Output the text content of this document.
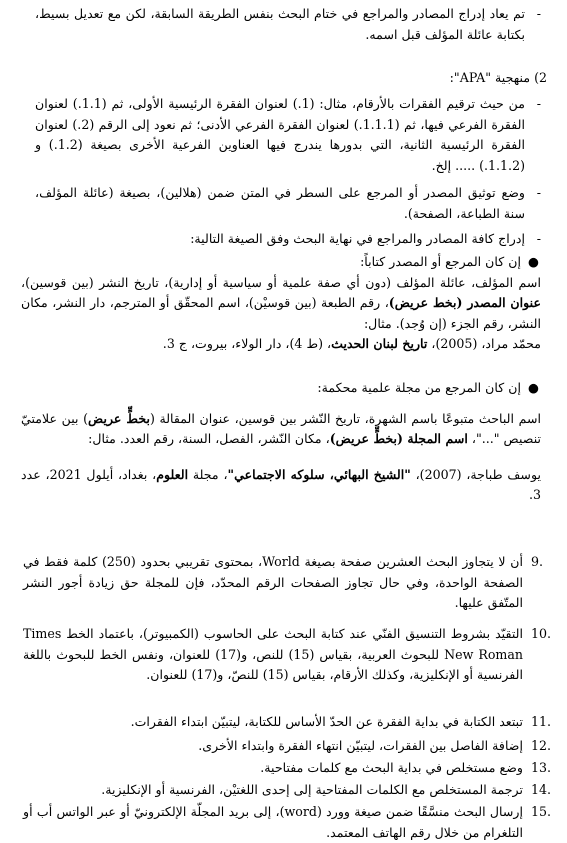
-

تم يعاد إدراج المصادر والمراجع في ختام البحث بنفس الطريقة السابقة، لكن مع تعديل بسيط، بكتابة عائلة المؤلف قبل اسمه.

2) منهجية "APA":
-

من حيث ترقيم الفقرات بالأرقام، مثال: (1.) لعنوان الفقرة الرئيسية الأولى، ثم (1.1.) لعنوان الفقرة الفرعي فيها، ثم (1.1.1.) لعنوان الفقرة الفرعي الأدنى؛ ثم نعود إلى الرقم (2.) لعنوان الفقرة الرئيسية الثانية، التي بدورها يندرج فيها العناوين الفرعية الأخرى بصيغة (1.2.) و (1.1.2.) ..... إلخ.

-

وضع توثيق المصدر أو المرجع على السطر في المتن ضمن (هلالين)، بصيغة (عائلة المؤلف، سنة الطباعة، الصفحة).

-

إدراج كافة المصادر والمراجع في نهاية البحث وفق الصيغة التالية:

●
إن كان المرجع أو المصدر كتاباً:

اسم المؤلف، عائلة المؤلف (دون أي صفة علمية أو سياسية أو إدارية)، تاريخ النشر (بين قوسين)، عنوان المصدر (بخط عريض)، رقم الطبعة (بين قوسيْن)، اسم المحقّق أو المترجم، دار النشر، مكان النشر، رقم الجزء (إن وُجد). مثال:

محمّد مراد، (2005)، تاريخ لبنان الحديث، (ط 4)، دار الولاء، بيروت، ج 3.

●
إن كان المرجع من مجلة علمية محكمة:

اسم الباحث متبوعًا باسم الشهرة، تاريخ النّشر بين قوسين، عنوان المقالة (بخطٍّ عريض) بين علامتيّ تنصيص "..."، اسم المجلة (بخطٍّ عريض)، مكان النّشر، الفصل، السنة، رقم العدد. مثال:

يوسف طباجة، (2007)، "الشيخ البهائي، سلوكه الاجتماعي"، مجلة العلوم، بغداد، أيلول 2021، عدد 3.

9.

أن لا يتجاوز البحث العشرين صفحة بصيغة World، بمحتوى تقريبي بحدود (250) كلمة فقط في الصفحة الواحدة، وفي حال تجاوز الصفحات الرقم المحدّد، فإن للمجلة حق زيادة أجور النشر المتّفق عليها.

10.

التقيّد بشروط التنسيق الفنّي عند كتابة البحث على الحاسوب (الكمبيوتر)، باعتماد الخط Times New Roman للبحوث العربية، بقياس (15) للنص، و(17) للعنوان، ونفس الخط للبحوث باللغة الفرنسية أو الإنكليزية، وكذلك الأرقام، بقياس (15) للنصّ، و(17) للعنوان.

11.

تبتعد الكتابة في بداية الفقرة عن الحدّ الأساس للكتابة، ليتبيّن ابتداء الفقرات.

12.

إضافة الفاصل بين الفقرات، ليتبيّن انتهاء الفقرة وابتداء الأخرى.

13.

وضع مستخلص في بداية البحث مع كلمات مفتاحية.

14.

ترجمة المستخلص مع الكلمات المفتاحية إلى إحدى اللغتيْن، الفرنسية أو الإنكليزية.

15.

إرسال البحث منسَّقًا ضمن صيغة وورد (word)، إلى بريد المجلّة الإلكترونيّ أو عبر الواتس أب أو التلغرام من خلال رقم الهاتف المعتمد.
